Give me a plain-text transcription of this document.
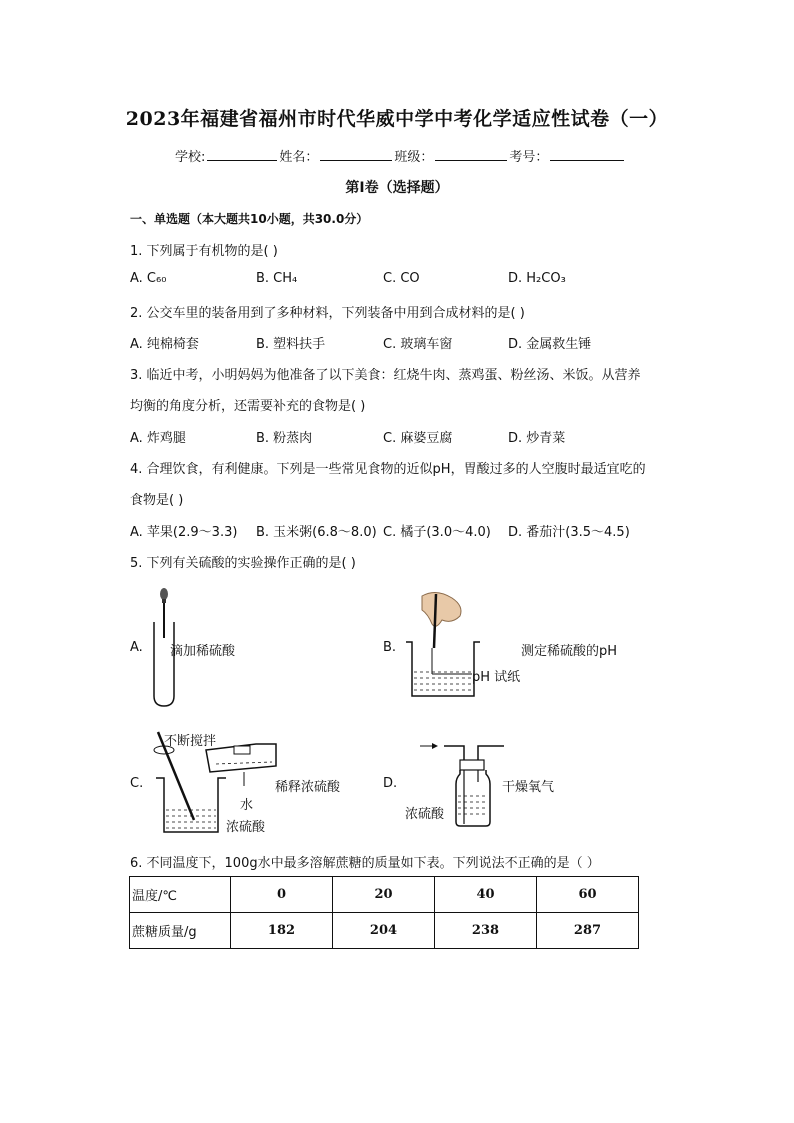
2023年福建省福州市时代华威中学中考化学适应性试卷（一）
学校:	姓名：	班级：	考号：
第Ⅰ卷（选择题）
一、单选题（本大题共10小题，共30.0分）
1. 下列属于有机物的是( )
A. C₆₀	B. CH₄	C. CO	D. H₂CO₃
2. 公交车里的装备用到了多种材料，下列装备中用到合成材料的是( )
A. 纯棉椅套	B. 塑料扶手	C. 玻璃车窗	D. 金属救生锤
3. 临近中考，小明妈妈为他准备了以下美食：红烧牛肉、蒸鸡蛋、粉丝汤、米饭。从营养
均衡的角度分析，还需要补充的食物是( )
A. 炸鸡腿	B. 粉蒸肉	C. 麻婆豆腐	D. 炒青菜
4. 合理饮食，有利健康。下列是一些常见食物的近似pH，胃酸过多的人空腹时最适宜吃的
食物是( )
A. 苹果(2.9～3.3) B. 玉米粥(6.8～8.0) C. 橘子(3.0～4.0) D. 番茄汁(3.5～4.5)
5. 下列有关硫酸的实验操作正确的是( )
A. 滴加稀硫酸	B.
pH 试纸
测定稀硫酸的pH
C.
不断搅拌
稀释浓硫酸
水
浓硫酸
D.	干燥氧气
浓硫酸
6. 不同温度下，100g水中最多溶解蔗糖的质量如下表。下列说法不正确的是（ ）
温度/℃	0	20	40	60
蔗糖质量/g	182	204	238	287
